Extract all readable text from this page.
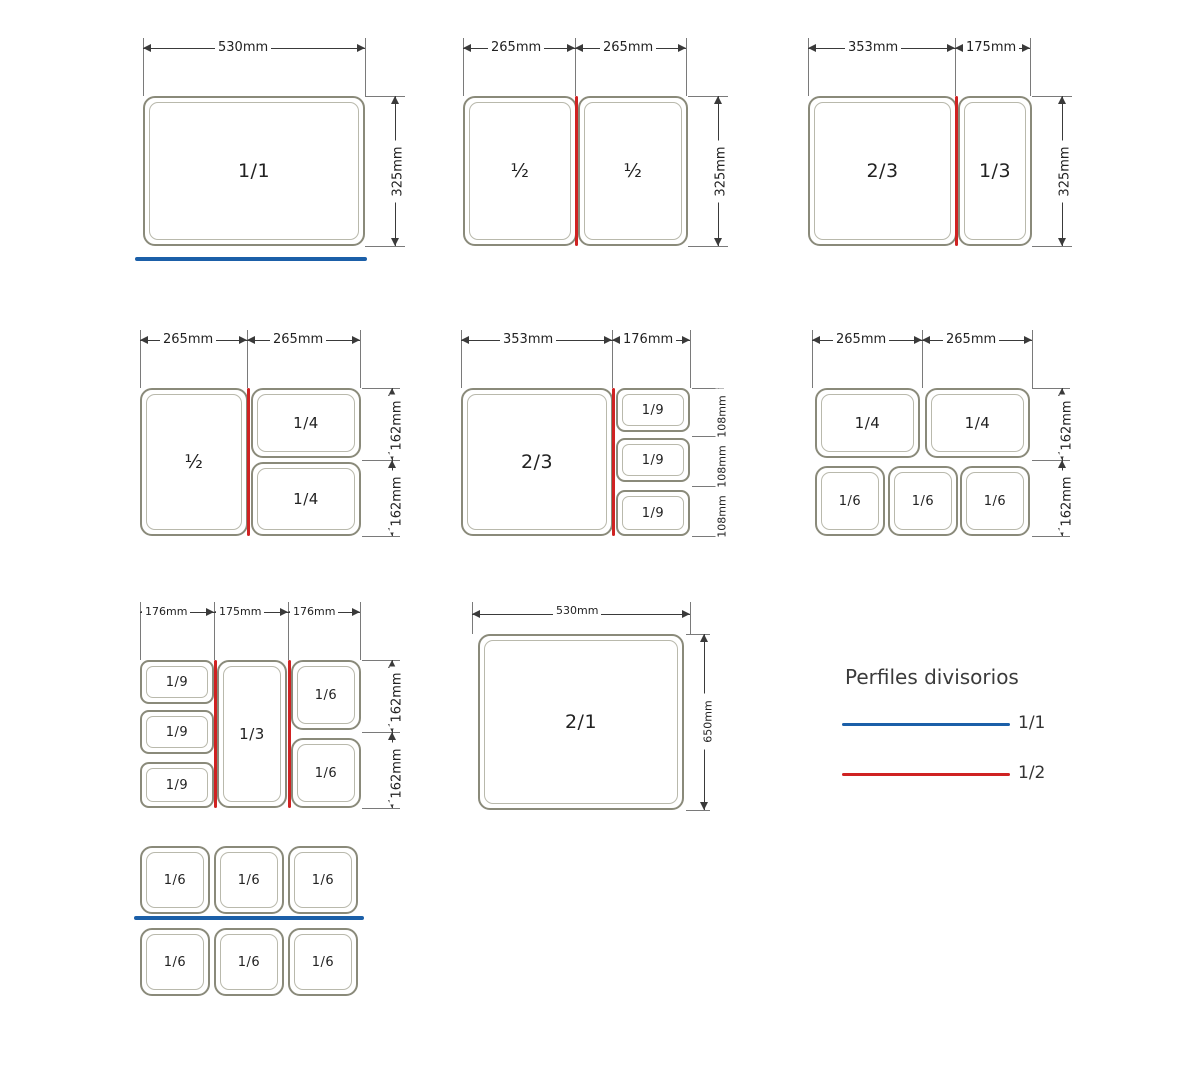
530mm
1/1	325mm
265mm	265mm
½	½	325mm
353mm	175mm
2/3	1/3	325mm
265mm	265mm
½
1/4
1/4
162mm
162mm
353mm	176mm
2/3
1/9
1/9
1/9
108mm
108mm
108mm
265mm	265mm
1/4	1/4
1/6	1/6	1/6
162mm
162mm
176mm	175mm	176mm
1/9
1/9
1/9
1/3
1/6
1/6
162mm
162mm
530mm
2/1	650mm
1/6	1/6	1/6
1/6	1/6	1/6
Perfiles divisorios
1/1
1/2
